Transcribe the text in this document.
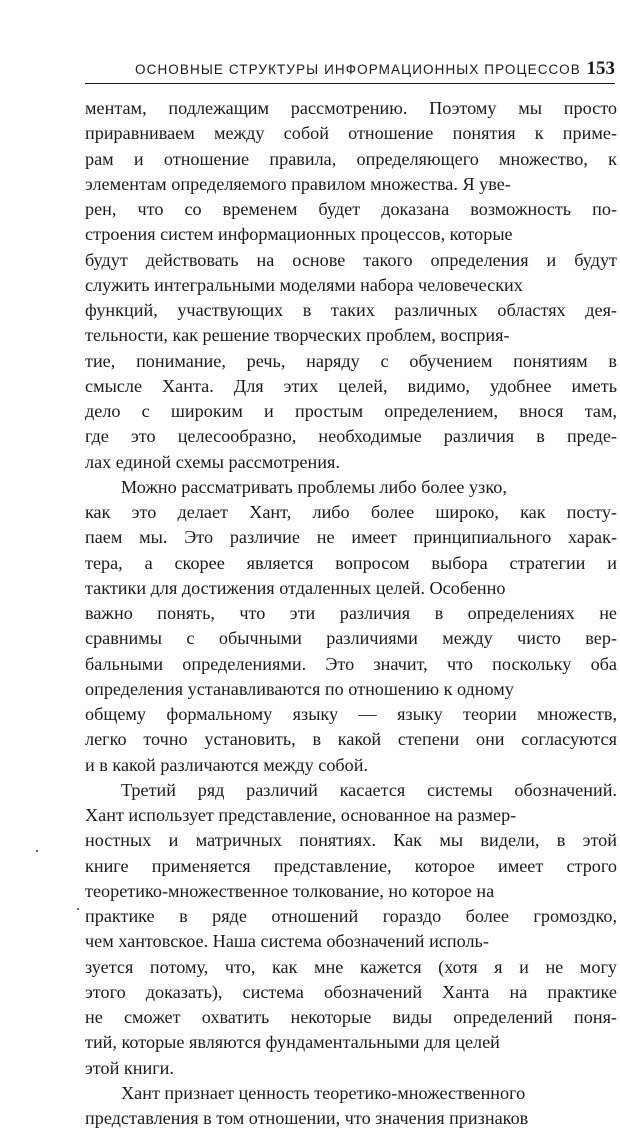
ОСНОВНЫЕ СТРУКТУРЫ ИНФОРМАЦИОННЫХ ПРОЦЕССОВ 153

ментам, подлежащим рассмотрению. Поэтому мы просто
приравниваем между собой отношение понятия к приме-
рам и отношение правила, определяющего множество, к
элементам определяемого правилом множества. Я уве-
рен, что со временем будет доказана возможность по-
строения систем информационных процессов, которые
будут действовать на основе такого определения и будут
служить интегральными моделями набора человеческих
функций, участвующих в таких различных областях дея-
тельности, как решение творческих проблем, восприя-
тие, понимание, речь, наряду с обучением понятиям в
смысле Ханта. Для этих целей, видимо, удобнее иметь
дело с широким и простым определением, внося там,
где это целесообразно, необходимые различия в преде-
лах единой схемы рассмотрения.

Можно рассматривать проблемы либо более узко,
как это делает Хант, либо более широко, как посту-
паем мы. Это различие не имеет принципиального харак-
тера, а скорее является вопросом выбора стратегии и
тактики для достижения отдаленных целей. Особенно
важно понять, что эти различия в определениях не
сравнимы с обычными различиями между чисто вер-
бальными определениями. Это значит, что поскольку оба
определения устанавливаются по отношению к одному
общему формальному языку — языку теории множеств,
легко точно установить, в какой степени они согласуются
и в какой различаются между собой.

Третий ряд различий касается системы обозначений.
Хант использует представление, основанное на размер-
ностных и матричных понятиях. Как мы видели, в этой
книге применяется представление, которое имеет строго
теоретико-множественное толкование, но которое на
практике в ряде отношений гораздо более громоздко,
чем хантовское. Наша система обозначений исполь-
зуется потому, что, как мне кажется (хотя я и не могу
этого доказать), система обозначений Ханта на практике
не сможет охватить некоторые виды определений поня-
тий, которые являются фундаментальными для целей
этой книги.

Хант признает ценность теоретико-множественного
представления в том отношении, что значения признаков
